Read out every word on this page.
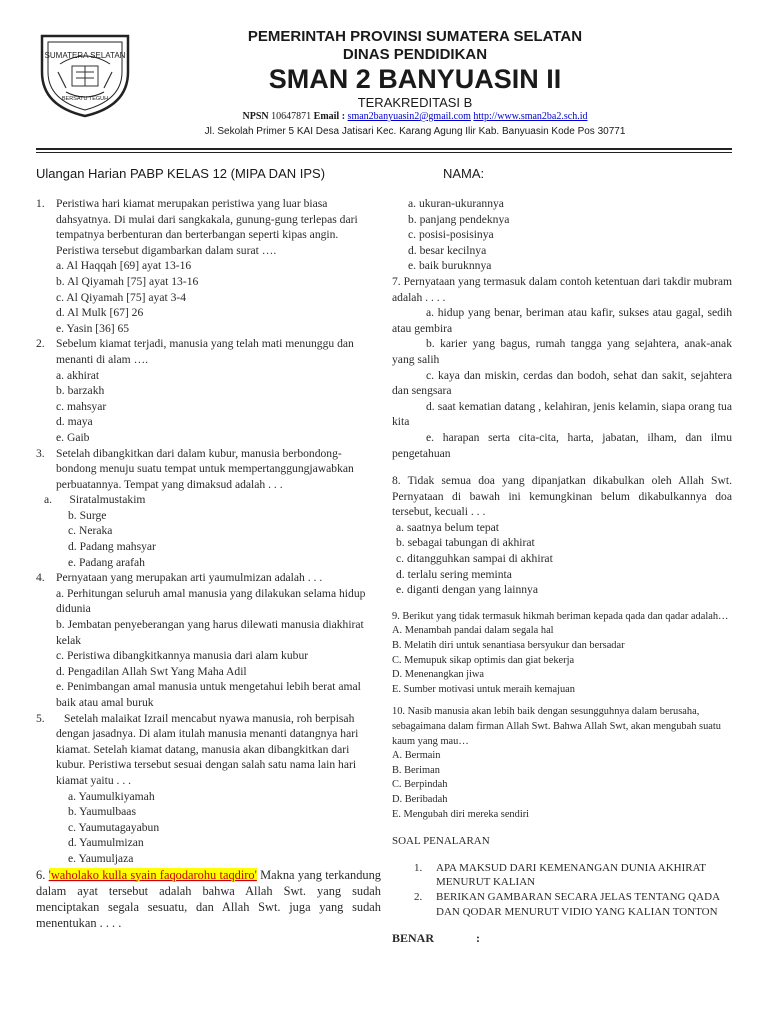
SUMATERA SELATAN
BERSATU TEGUH
PEMERINTAH PROVINSI SUMATERA SELATAN
DINAS PENDIDIKAN
SMAN 2 BANYUASIN II
TERAKREDITASI B
NPSN 10647871 Email : sman2banyuasin2@gmail.com http://www.sman2ba2.sch.id
Jl. Sekolah Primer 5 KAI Desa Jatisari Kec. Karang Agung Ilir Kab. Banyuasin Kode Pos 30771
Ulangan Harian PABP KELAS 12 (MIPA DAN IPS)	NAMA:
1. Peristiwa hari kiamat merupakan peristiwa yang luar biasa dahsyatnya. Di mulai dari sangkakala, gunung-gung terlepas dari tempatnya berbenturan dan berterbangan seperti kipas angin. Peristiwa tersebut digambarkan dalam surat ….
a. Al Haqqah [69] ayat 13-16
b. Al Qiyamah [75] ayat 13-16
c. Al Qiyamah [75] ayat 3-4
d. Al Mulk [67] 26
e. Yasin [36] 65
2. Sebelum kiamat terjadi, manusia yang telah mati menunggu dan menanti di alam ….
a. akhirat
b. barzakh
c. mahsyar
d. maya
e. Gaib
3. Setelah dibangkitkan dari dalam kubur, manusia berbondong-bondong menuju suatu tempat untuk mempertanggungjawabkan perbuatannya. Tempat yang dimaksud adalah . . .
a.      Siratalmustakim
b. Surge
c. Neraka
d. Padang mahsyar
e. Padang arafah
4. Pernyataan yang merupakan arti yaumulmizan adalah . . .
a. Perhitungan seluruh amal manusia yang dilakukan selama hidup didunia
b. Jembatan penyeberangan yang harus dilewati manusia diakhirat kelak
c. Peristiwa dibangkitkannya manusia dari alam kubur
d. Pengadilan Allah Swt Yang Maha Adil
e. Penimbangan amal manusia untuk mengetahui lebih berat amal baik atau amal buruk
5.	Setelah malaikat Izrail mencabut nyawa manusia, roh berpisah dengan jasadnya. Di alam itulah manusia menanti datangnya hari kiamat. Setelah kiamat datang, manusia akan dibangkitkan dari kubur. Peristiwa tersebut sesuai dengan salah satu nama lain hari kiamat yaitu . . .
a. Yaumulkiyamah
b. Yaumulbaas
c. Yaumutagayabun
d. Yaumulmizan
e. Yaumuljaza
6. 'waholako kulla syain faqodarohu taqdiro' Makna yang terkandung dalam ayat tersebut adalah bahwa Allah Swt. yang sudah menciptakan segala sesuatu, dan Allah Swt. juga yang sudah menentukan . . . .
a. ukuran-ukurannya
b. panjang pendeknya
c. posisi-posisinya
d. besar kecilnya
e. baik buruknnya
7. Pernyataan yang termasuk dalam contoh ketentuan dari takdir mubram adalah . . . .
a. hidup yang benar, beriman atau kafir, sukses atau gagal, sedih atau gembira
b. karier yang bagus, rumah tangga yang sejahtera, anak-anak yang salih
c. kaya dan miskin, cerdas dan bodoh, sehat dan sakit, sejahtera dan sengsara
d. saat kematian datang , kelahiran, jenis kelamin, siapa orang tua kita
e. harapan serta cita-cita, harta, jabatan, ilham, dan ilmu pengetahuan
8. Tidak semua doa yang dipanjatkan dikabulkan oleh Allah Swt. Pernyataan di bawah ini kemungkinan belum dikabulkannya doa tersebut, kecuali . . .
a. saatnya belum tepat
b. sebagai tabungan di akhirat
c. ditangguhkan sampai di akhirat
d. terlalu sering meminta
e. diganti dengan yang lainnya
9. Berikut yang tidak termasuk hikmah beriman kepada qada dan qadar adalah…
A. Menambah pandai dalam segala hal
B. Melatih diri untuk senantiasa bersyukur dan bersadar
C. Memupuk sikap optimis dan giat bekerja
D. Menenangkan jiwa
E. Sumber motivasi untuk meraih kemajuan
10. Nasib manusia akan lebih baik dengan sesungguhnya dalam berusaha, sebagaimana dalam firman Allah Swt. Bahwa Allah Swt, akan mengubah suatu kaum yang mau…
A. Bermain
B. Beriman
C. Berpindah
D. Beribadah
E. Mengubah diri mereka sendiri
SOAL PENALARAN
1. APA MAKSUD DARI KEMENANGAN DUNIA AKHIRAT MENURUT KALIAN
2. BERIKAN GAMBARAN SECARA JELAS TENTANG QADA DAN QODAR MENURUT VIDIO YANG KALIAN TONTON
BENAR	:
